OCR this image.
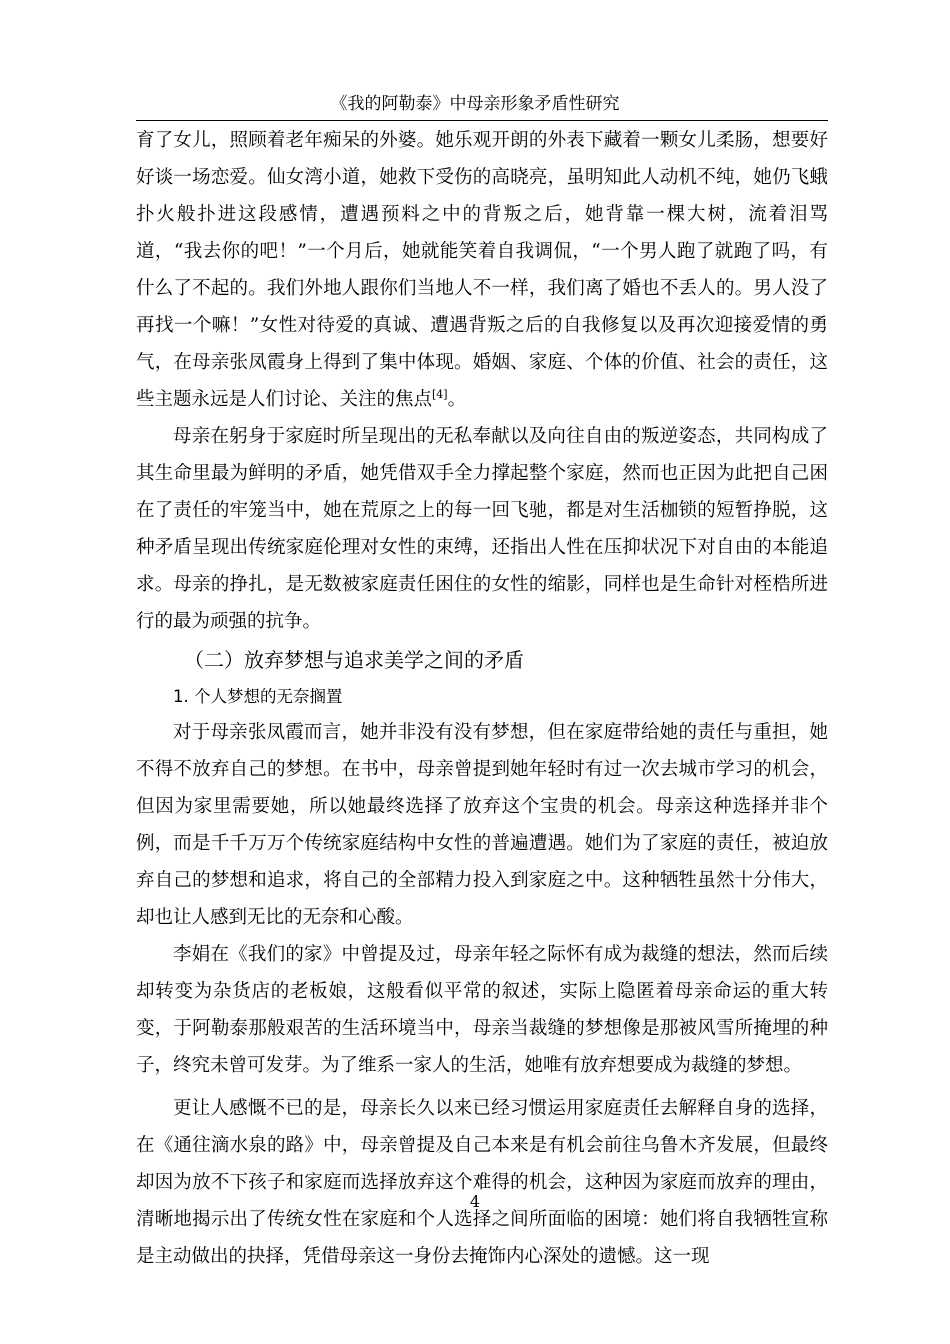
《我的阿勒泰》中母亲形象矛盾性研究

育了女儿，照顾着老年痴呆的外婆。她乐观开朗的外表下藏着一颗女儿柔肠，想要好好谈一场恋爱。仙女湾小道，她救下受伤的高晓亮，虽明知此人动机不纯，她仍飞蛾扑火般扑进这段感情，遭遇预料之中的背叛之后，她背靠一棵大树，流着泪骂道，“我去你的吧！”一个月后，她就能笑着自我调侃，“一个男人跑了就跑了吗，有什么了不起的。我们外地人跟你们当地人不一样，我们离了婚也不丢人的。男人没了再找一个嘛！”女性对待爱的真诚、遭遇背叛之后的自我修复以及再次迎接爱情的勇气，在母亲张凤霞身上得到了集中体现。婚姻、家庭、个体的价值、社会的责任，这些主题永远是人们讨论、关注的焦点[4]。

母亲在躬身于家庭时所呈现出的无私奉献以及向往自由的叛逆姿态，共同构成了其生命里最为鲜明的矛盾，她凭借双手全力撑起整个家庭，然而也正因为此把自己困在了责任的牢笼当中，她在荒原之上的每一回飞驰，都是对生活枷锁的短暂挣脱，这种矛盾呈现出传统家庭伦理对女性的束缚，还指出人性在压抑状况下对自由的本能追求。母亲的挣扎，是无数被家庭责任困住的女性的缩影，同样也是生命针对桎梏所进行的最为顽强的抗争。

（二）放弃梦想与追求美学之间的矛盾

1. 个人梦想的无奈搁置

对于母亲张凤霞而言，她并非没有没有梦想，但在家庭带给她的责任与重担，她不得不放弃自己的梦想。在书中，母亲曾提到她年轻时有过一次去城市学习的机会，但因为家里需要她，所以她最终选择了放弃这个宝贵的机会。母亲这种选择并非个例，而是千千万万个传统家庭结构中女性的普遍遭遇。她们为了家庭的责任，被迫放弃自己的梦想和追求，将自己的全部精力投入到家庭之中。这种牺牲虽然十分伟大，却也让人感到无比的无奈和心酸。

李娟在《我们的家》中曾提及过，母亲年轻之际怀有成为裁缝的想法，然而后续却转变为杂货店的老板娘，这般看似平常的叙述，实际上隐匿着母亲命运的重大转变，于阿勒泰那般艰苦的生活环境当中，母亲当裁缝的梦想像是那被风雪所掩埋的种子，终究未曾可发芽。为了维系一家人的生活，她唯有放弃想要成为裁缝的梦想。

更让人感慨不已的是，母亲长久以来已经习惯运用家庭责任去解释自身的选择，在《通往滴水泉的路》中，母亲曾提及自己本来是有机会前往乌鲁木齐发展，但最终却因为放不下孩子和家庭而选择放弃这个难得的机会，这种因为家庭而放弃的理由，清晰地揭示出了传统女性在家庭和个人选择之间所面临的困境：她们将自我牺牲宣称是主动做出的抉择，凭借母亲这一身份去掩饰内心深处的遗憾。这一现

4
